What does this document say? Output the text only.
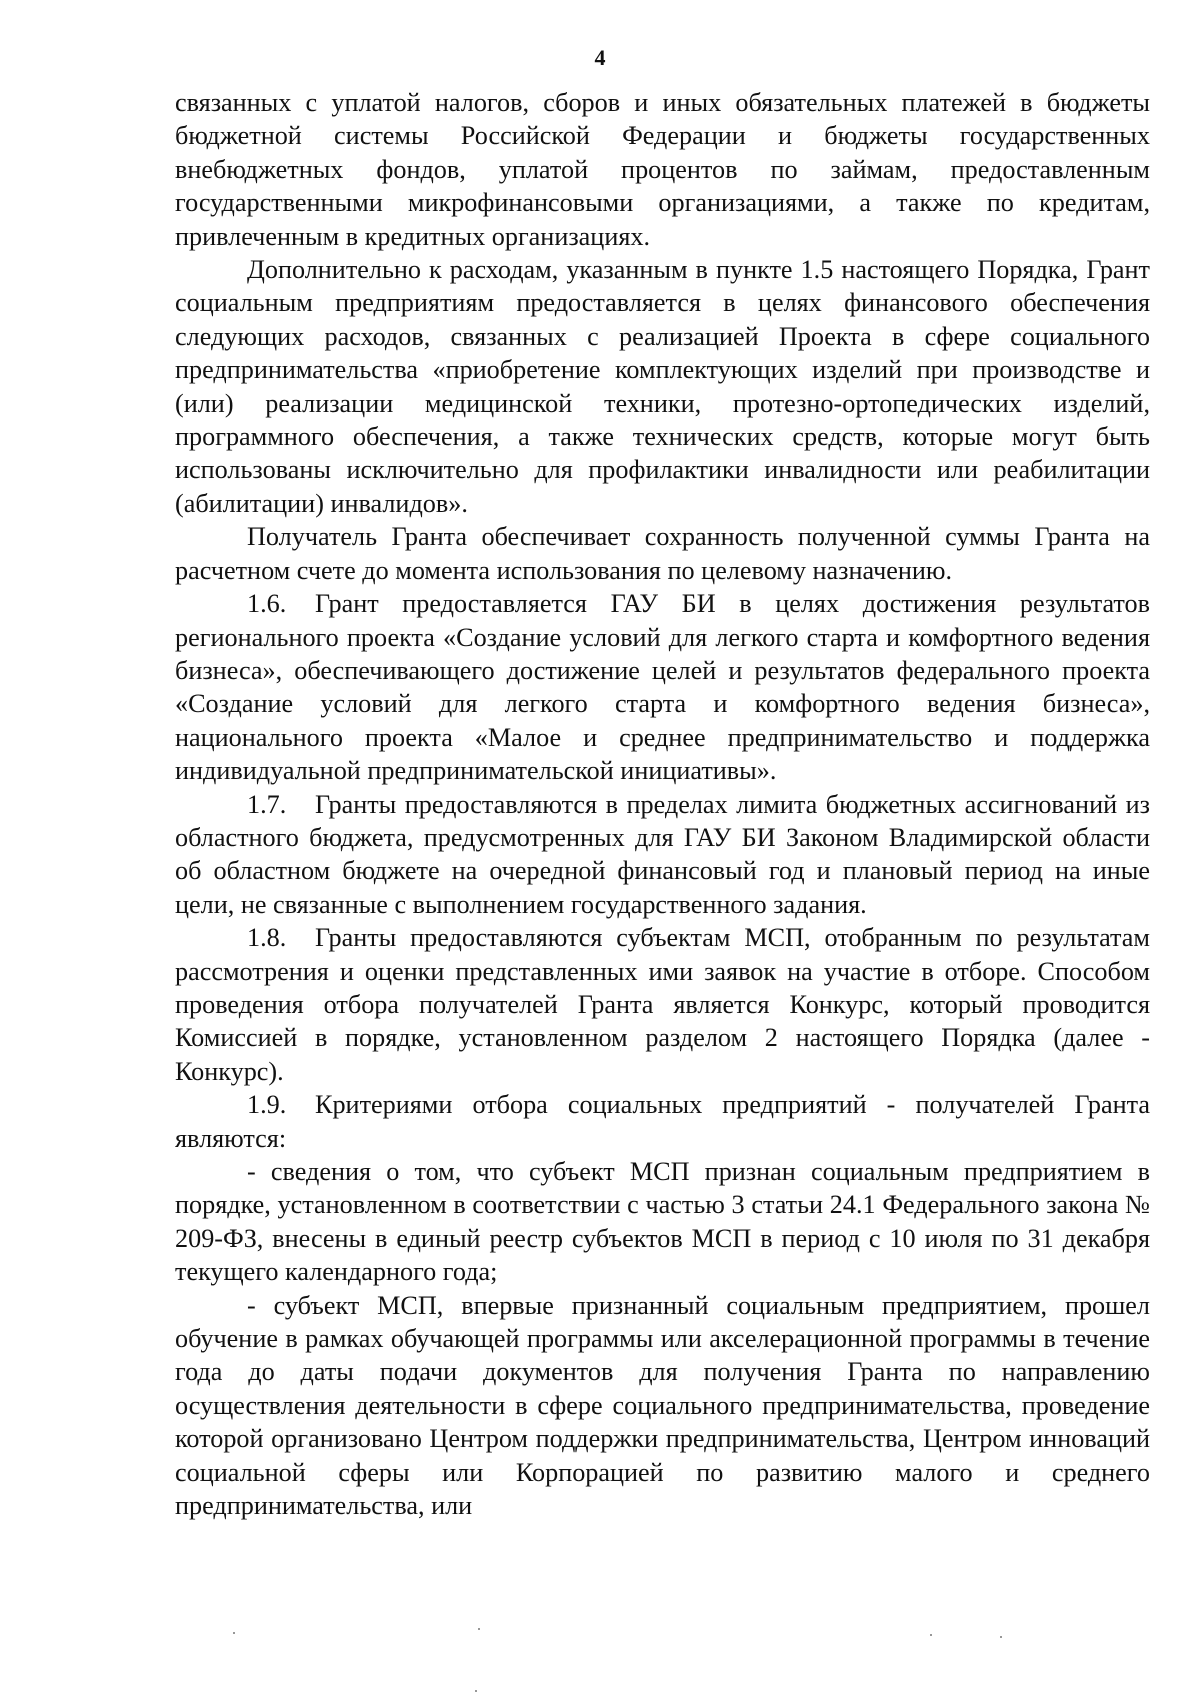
4

связанных с уплатой налогов, сборов и иных обязательных платежей в бюджеты бюджетной системы Российской Федерации и бюджеты государственных внебюджетных фондов, уплатой процентов по займам, предоставленным государственными микрофинансовыми организациями, а также по кредитам, привлеченным в кредитных организациях.

Дополнительно к расходам, указанным в пункте 1.5 настоящего Порядка, Грант социальным предприятиям предоставляется в целях финансового обеспечения следующих расходов, связанных с реализацией Проекта в сфере социального предпринимательства «приобретение комплектующих изделий при производстве и (или) реализации медицинской техники, протезно-ортопедических изделий, программного обеспечения, а также технических средств, которые могут быть использованы исключительно для профилактики инвалидности или реабилитации (абилитации) инвалидов».

Получатель Гранта обеспечивает сохранность полученной суммы Гранта на расчетном счете до момента использования по целевому назначению.

1.6. Грант предоставляется ГАУ БИ в целях достижения результатов регионального проекта «Создание условий для легкого старта и комфортного ведения бизнеса», обеспечивающего достижение целей и результатов федерального проекта «Создание условий для легкого старта и комфортного ведения бизнеса», национального проекта «Малое и среднее предпринимательство и поддержка индивидуальной предпринимательской инициативы».

1.7. Гранты предоставляются в пределах лимита бюджетных ассигнований из областного бюджета, предусмотренных для ГАУ БИ Законом Владимирской области об областном бюджете на очередной финансовый год и плановый период на иные цели, не связанные с выполнением государственного задания.

1.8. Гранты предоставляются субъектам МСП, отобранным по результатам рассмотрения и оценки представленных ими заявок на участие в отборе. Способом проведения отбора получателей Гранта является Конкурс, который проводится Комиссией в порядке, установленном разделом 2 настоящего Порядка (далее - Конкурс).

1.9. Критериями отбора социальных предприятий - получателей Гранта являются:

- сведения о том, что субъект МСП признан социальным предприятием в порядке, установленном в соответствии с частью 3 статьи 24.1 Федерального закона № 209-ФЗ, внесены в единый реестр субъектов МСП в период с 10 июля по 31 декабря текущего календарного года;

- субъект МСП, впервые признанный социальным предприятием, прошел обучение в рамках обучающей программы или акселерационной программы в течение года до даты подачи документов для получения Гранта по направлению осуществления деятельности в сфере социального предпринимательства, проведение которой организовано Центром поддержки предпринимательства, Центром инноваций социальной сферы или Корпорацией по развитию малого и среднего предпринимательства, или
